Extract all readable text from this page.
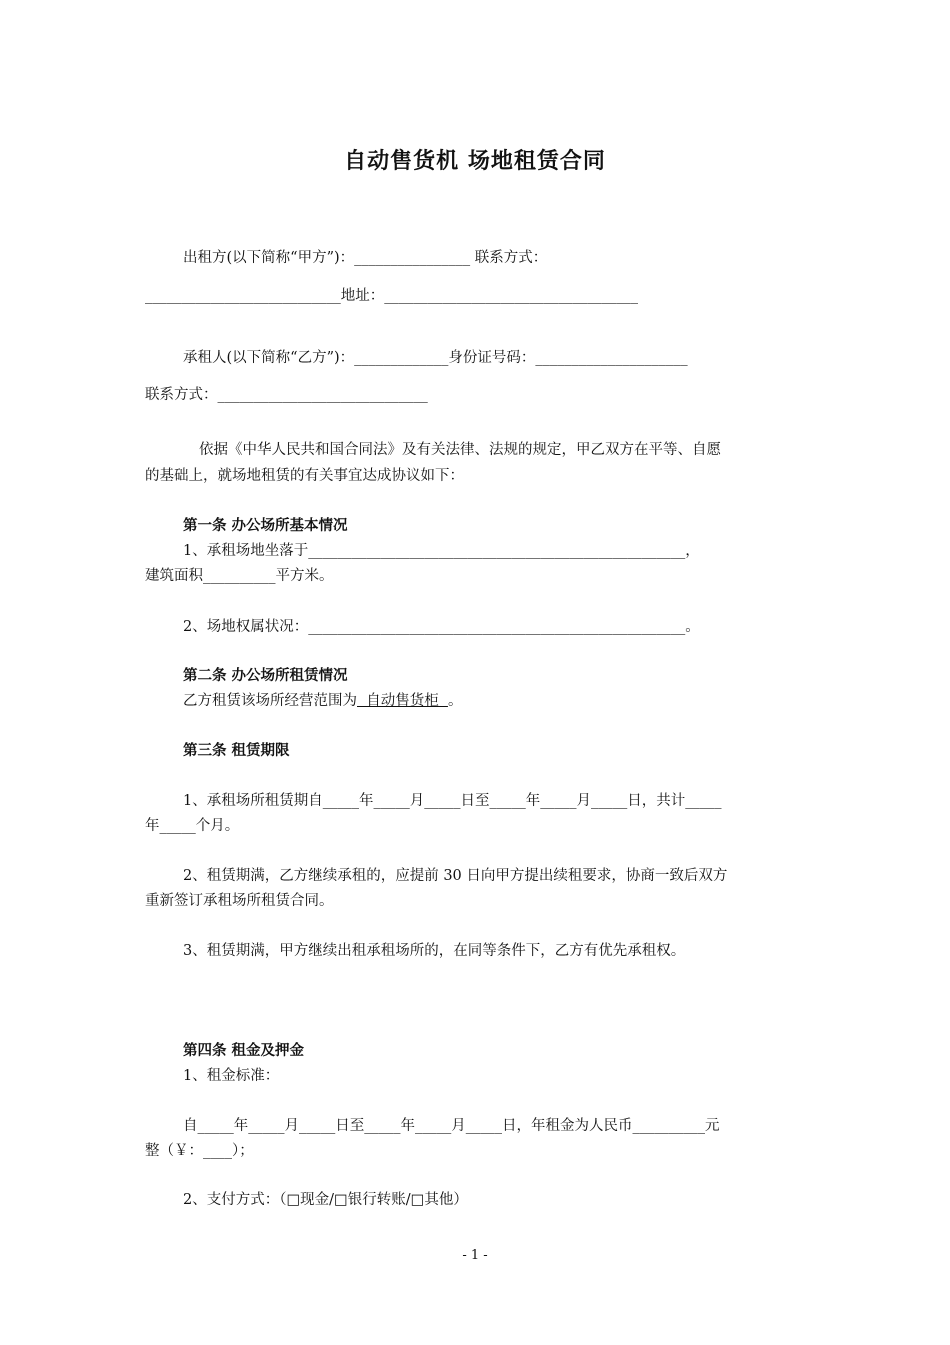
自动售货机 场地租赁合同
出租方(以下简称“甲方”)：________________ 联系方式：
___________________________地址：___________________________________
承租人(以下简称“乙方”)：_____________身份证号码：_____________________
联系方式：_____________________________
依据《中华人民共和国合同法》及有关法律、法规的规定，甲乙双方在平等、自愿
的基础上，就场地租赁的有关事宜达成协议如下：
第一条 办公场所基本情况
1、承租场地坐落于____________________________________________________，
建筑面积__________平方米。
2、场地权属状况：____________________________________________________。
第二条 办公场所租赁情况
乙方租赁该场所经营范围为  自动售货柜  。
第三条 租赁期限
1、承租场所租赁期自_____年_____月_____日至_____年_____月_____日，共计_____
年_____个月。
2、租赁期满，乙方继续承租的，应提前 30 日向甲方提出续租要求，协商一致后双方
重新签订承租场所租赁合同。
3、租赁期满，甲方继续出租承租场所的，在同等条件下，乙方有优先承租权。
第四条 租金及押金
1、租金标准：
自_____年_____月_____日至_____年_____月_____日，年租金为人民币__________元
整（￥：____）；
2、支付方式：（□现金/□银行转账/□其他）
- 1 -
